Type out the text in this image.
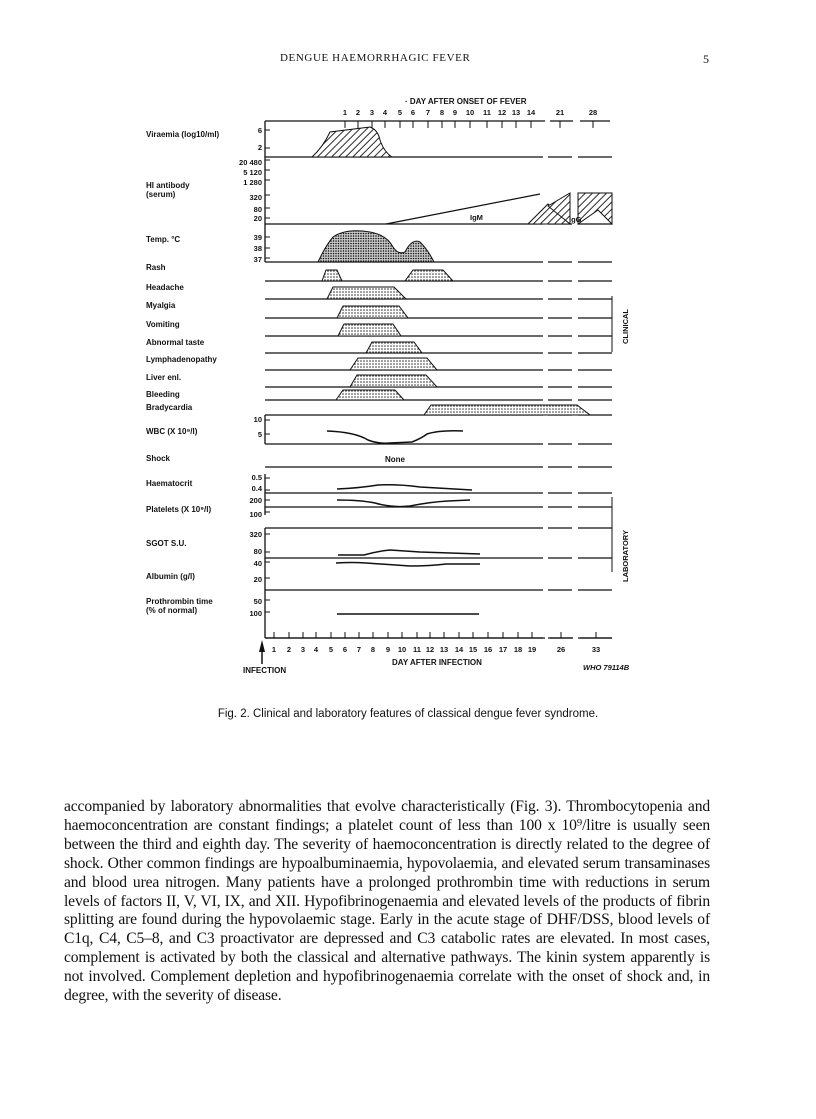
DENGUE HAEMORRHAGIC FEVER	5
· DAY AFTER ONSET OF FEVER
1 2 3 4 5 6 7 8 9 10 11 12 13 14	21	28
1 2 3 4 5 6 7 8 9 10 11 12 13 14 15 16 17 18 19	26	33
DAY AFTER INFECTION
INFECTION	WHO 79114B
Viraemia (log10/ml)
HI antibody (serum)
Temp. °C
Rash
Headache
Myalgia
Vomiting
Abnormal taste
Lymphadenopathy
Liver enl.
Bleeding
Bradycardia
WBC (X 10⁹/l)
Shock
Haematocrit
Platelets (X 10⁹/l)
SGOT S.U.
Albumin (g/l)
Prothrombin time (% of normal)
6
2
20 480
5 120
1 280
320
80
20
39
38
37
10
5
0.5
0.4
200
100
320
80
40
20
50
100
IgM	IgG
None
CLINICAL
LABORATORY
Fig. 2. Clinical and laboratory features of classical dengue fever syndrome.
accompanied by laboratory abnormalities that evolve characteristically (Fig. 3). Thrombocytopenia and haemoconcentration are constant findings; a platelet count of less than 100 x 10⁹/litre is usually seen between the third and eighth day. The severity of haemoconcentration is directly related to the degree of shock. Other common findings are hypoalbuminaemia, hypovolaemia, and elevated serum transaminases and blood urea nitrogen. Many patients have a prolonged prothrombin time with reductions in serum levels of factors II, V, VI, IX, and XII. Hypofibrinogenaemia and elevated levels of the products of fibrin splitting are found during the hypovolaemic stage. Early in the acute stage of DHF/DSS, blood levels of C1q, C4, C5–8, and C3 proactivator are depressed and C3 catabolic rates are elevated. In most cases, complement is activated by both the classical and alternative pathways. The kinin system apparently is not involved. Complement depletion and hypofibrinogenaemia correlate with the onset of shock and, in degree, with the severity of disease.
